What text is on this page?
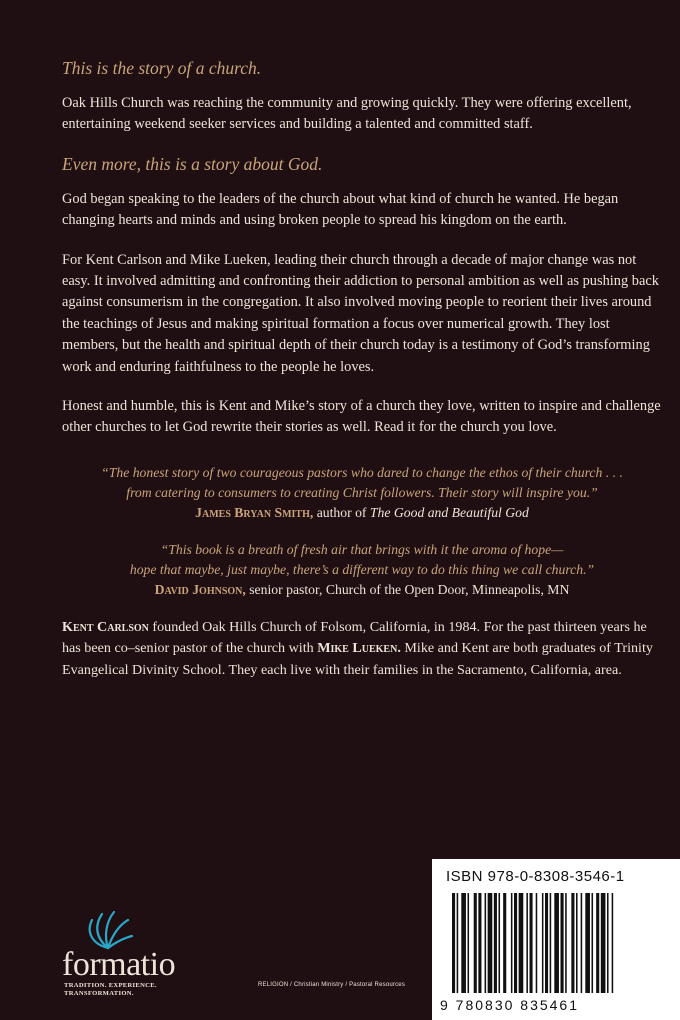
This is the story of a church.

Oak Hills Church was reaching the community and growing quickly. They were offering excellent, entertaining weekend seeker services and building a talented and committed staff.

Even more, this is a story about God.

God began speaking to the leaders of the church about what kind of church he wanted. He began changing hearts and minds and using broken people to spread his kingdom on the earth.

For Kent Carlson and Mike Lueken, leading their church through a decade of major change was not easy. It involved admitting and confronting their addiction to personal ambition as well as pushing back against consumerism in the congregation. It also involved moving people to reorient their lives around the teachings of Jesus and making spiritual formation a focus over numerical growth. They lost members, but the health and spiritual depth of their church today is a testimony of God’s transforming work and enduring faithfulness to the people he loves.

Honest and humble, this is Kent and Mike’s story of a church they love, written to inspire and challenge other churches to let God rewrite their stories as well. Read it for the church you love.

“The honest story of two courageous pastors who dared to change the ethos of their church . . .

from catering to consumers to creating Christ followers. Their story will inspire you.”

James Bryan Smith, author of The Good and Beautiful God

“This book is a breath of fresh air that brings with it the aroma of hope—

hope that maybe, just maybe, there’s a different way to do this thing we call church.”

David Johnson, senior pastor, Church of the Open Door, Minneapolis, MN

Kent Carlson founded Oak Hills Church of Folsom, California, in 1984. For the past thirteen years he has been co–senior pastor of the church with Mike Lueken. Mike and Kent are both graduates of Trinity Evangelical Divinity School. They each live with their families in the Sacramento, California, area.

formatio
TRADITION. EXPERIENCE. TRANSFORMATION.
RELIGION / Christian Ministry / Pastoral Resources
ISBN 978-0-8308-3546-1
9 780830 835461
